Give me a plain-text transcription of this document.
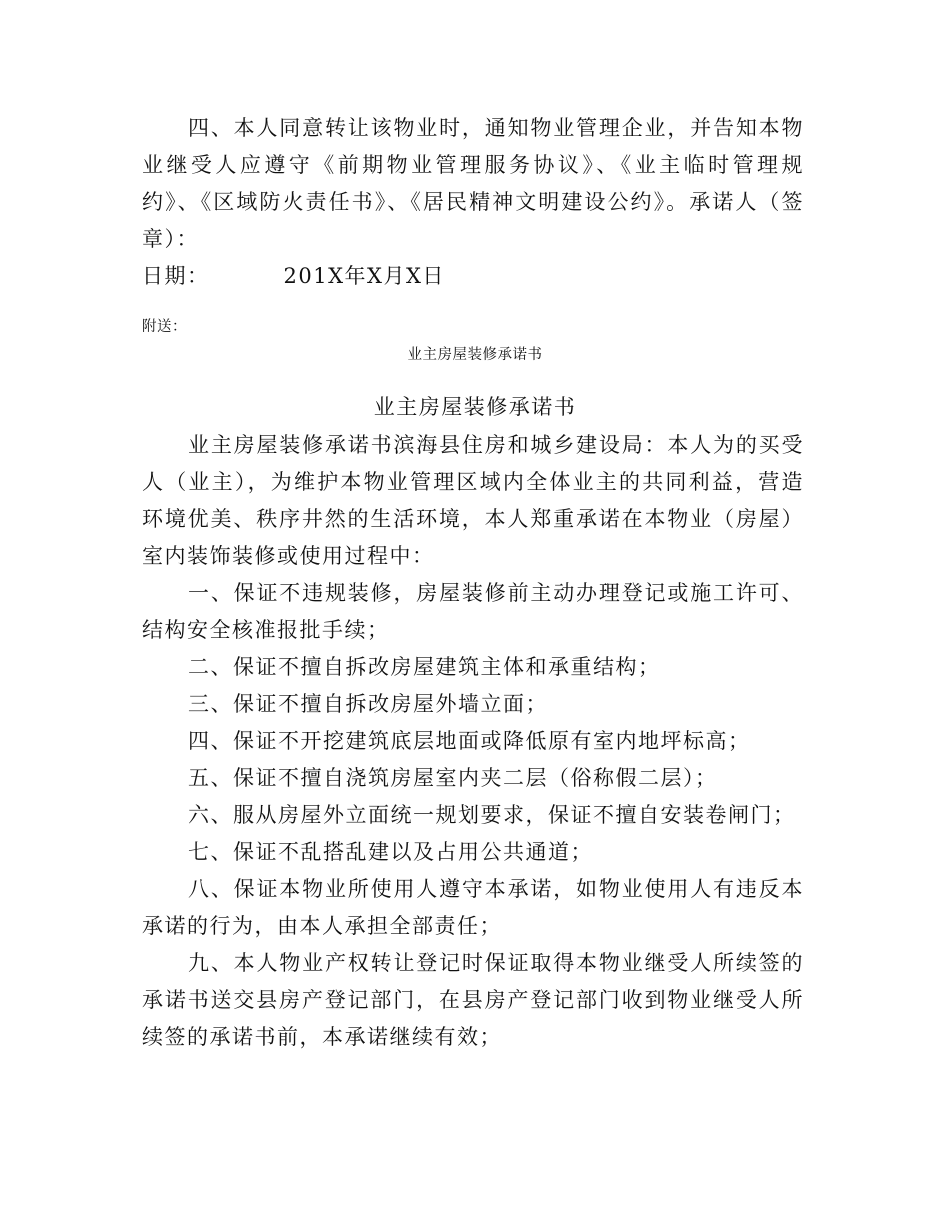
四、本人同意转让该物业时，通知物业管理企业，并告知本物业继受人应遵守《前期物业管理服务协议》、《业主临时管理规约》、《区域防火责任书》、《居民精神文明建设公约》。承诺人（签章）：

日期：	201X年X月X日

附送：

业主房屋装修承诺书

业主房屋装修承诺书

业主房屋装修承诺书滨海县住房和城乡建设局：本人为的买受人（业主），为维护本物业管理区域内全体业主的共同利益，营造环境优美、秩序井然的生活环境，本人郑重承诺在本物业（房屋）室内装饰装修或使用过程中：

一、保证不违规装修，房屋装修前主动办理登记或施工许可、结构安全核准报批手续；

二、保证不擅自拆改房屋建筑主体和承重结构；

三、保证不擅自拆改房屋外墙立面；

四、保证不开挖建筑底层地面或降低原有室内地坪标高；

五、保证不擅自浇筑房屋室内夹二层（俗称假二层）；

六、服从房屋外立面统一规划要求，保证不擅自安装卷闸门；

七、保证不乱搭乱建以及占用公共通道；

八、保证本物业所使用人遵守本承诺，如物业使用人有违反本承诺的行为，由本人承担全部责任；

九、本人物业产权转让登记时保证取得本物业继受人所续签的承诺书送交县房产登记部门，在县房产登记部门收到物业继受人所续签的承诺书前，本承诺继续有效；
